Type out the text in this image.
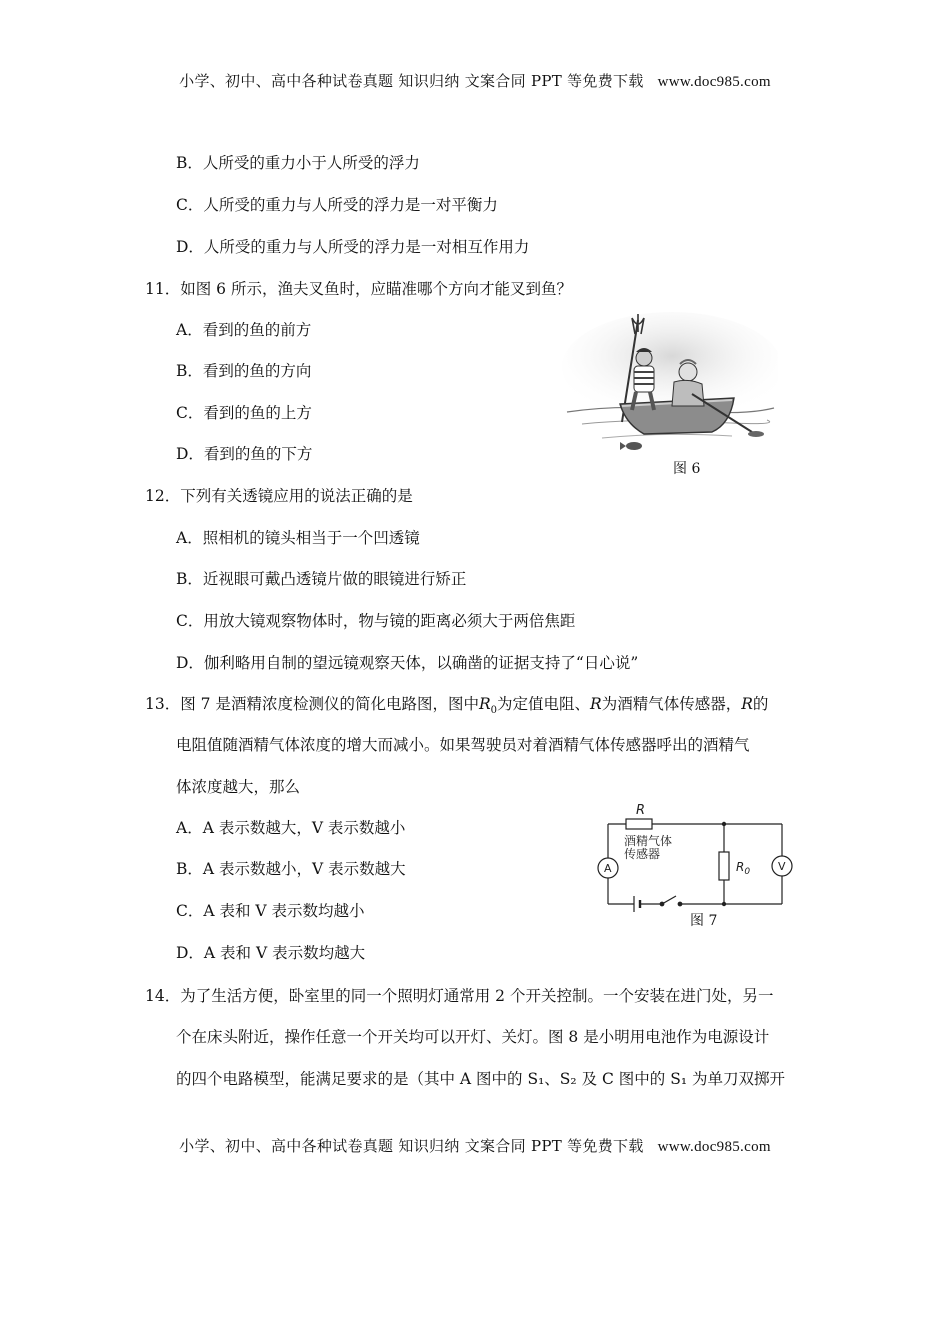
小学、初中、高中各种试卷真题 知识归纳 文案合同 PPT 等免费下载 www.doc985.com
B．人所受的重力小于人所受的浮力
C．人所受的重力与人所受的浮力是一对平衡力
D．人所受的重力与人所受的浮力是一对相互作用力
11．如图 6 所示，渔夫叉鱼时，应瞄准哪个方向才能叉到鱼？
A．看到的鱼的前方
B．看到的鱼的方向
C．看到的鱼的上方
D．看到的鱼的下方
图 6
12．下列有关透镜应用的说法正确的是
A．照相机的镜头相当于一个凹透镜
B．近视眼可戴凸透镜片做的眼镜进行矫正
C．用放大镜观察物体时，物与镜的距离必须大于两倍焦距
D．伽利略用自制的望远镜观察天体，以确凿的证据支持了“日心说”
13．图 7 是酒精浓度检测仪的简化电路图，图中$R_0$为定值电阻、R为酒精气体传感器，R的
电阻值随酒精气体浓度的增大而减小。如果驾驶员对着酒精气体传感器呼出的酒精气
体浓度越大，那么
A．A 表示数越大，V 表示数越小
B．A 表示数越小，V 表示数越大
C．A 表和 V 表示数均越小
D．A 表和 V 表示数均越大
R
酒精气体
传感器
A	V
$R_0$
图 7
14．为了生活方便，卧室里的同一个照明灯通常用 2 个开关控制。一个安装在进门处，另一
个在床头附近，操作任意一个开关均可以开灯、关灯。图 8 是小明用电池作为电源设计
的四个电路模型，能满足要求的是（其中 A 图中的 S₁、S₂ 及 C 图中的 S₁ 为单刀双掷开
小学、初中、高中各种试卷真题 知识归纳 文案合同 PPT 等免费下载 www.doc985.com
